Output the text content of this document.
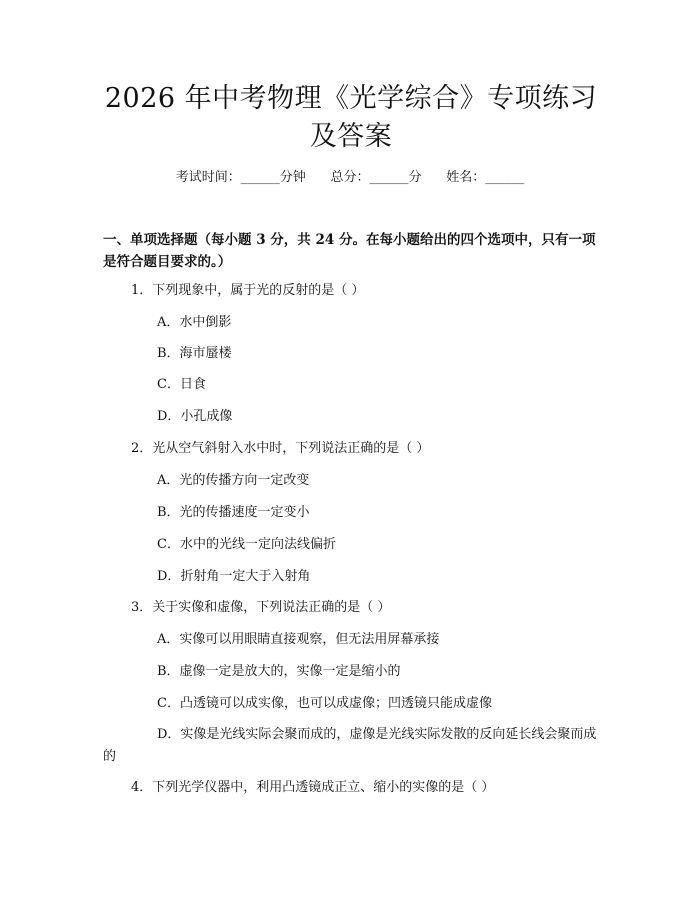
2026 年中考物理《光学综合》专项练习及答案
考试时间：______分钟      总分：______分      姓名：______
一、单项选择题（每小题 3 分，共 24 分。在每小题给出的四个选项中，只有一项是符合题目要求的。）
1．下列现象中，属于光的反射的是（ ）
A．水中倒影
B．海市蜃楼
C．日食
D．小孔成像
2．光从空气斜射入水中时，下列说法正确的是（ ）
A．光的传播方向一定改变
B．光的传播速度一定变小
C．水中的光线一定向法线偏折
D．折射角一定大于入射角
3．关于实像和虚像，下列说法正确的是（ ）
A．实像可以用眼睛直接观察，但无法用屏幕承接
B．虚像一定是放大的，实像一定是缩小的
C．凸透镜可以成实像，也可以成虚像；凹透镜只能成虚像
D．实像是光线实际会聚而成的，虚像是光线实际发散的反向延长线会聚而成的
4．下列光学仪器中，利用凸透镜成正立、缩小的实像的是（ ）
